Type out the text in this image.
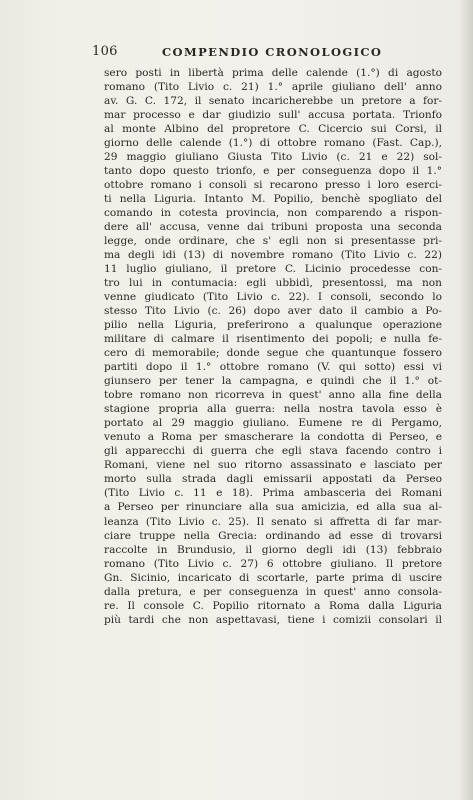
106	COMPENDIO CRONOLOGICO
sero posti in libertà prima delle calende (1.°) di agosto
romano (Tito Livio c. 21) 1.° aprile giuliano dell' anno
av. G. C. 172, il senato incaricherebbe un pretore a for-
mar processo e dar giudizio sull' accusa portata. Trionfo
al monte Albino del propretore C. Cicercio sui Corsi, il
giorno delle calende (1.°) di ottobre romano (Fast. Cap.),
29 maggio giuliano Giusta Tito Livio (c. 21 e 22) sol-
tanto dopo questo trionfo, e per conseguenza dopo il 1.°
ottobre romano i consoli si recarono presso i loro eserci-
ti nella Liguria. Intanto M. Popilio, benchè spogliato del
comando in cotesta provincia, non comparendo a rispon-
dere all' accusa, venne dai tribuni proposta una seconda
legge, onde ordinare, che s' egli non si presentasse pri-
ma degli idi (13) di novembre romano (Tito Livio c. 22)
11 luglio giuliano, il pretore C. Licinio procedesse con-
tro lui in contumacia: egli ubbidì, presentossi, ma non
venne giudicato (Tito Livio c. 22). I consoli, secondo lo
stesso Tito Livio (c. 26) dopo aver dato il cambio a Po-
pilio nella Liguria, preferirono a qualunque operazione
militare di calmare il risentimento dei popoli; e nulla fe-
cero di memorabile; donde segue che quantunque fossero
partiti dopo il 1.° ottobre romano (V. qui sotto) essi vi
giunsero per tener la campagna, e quindi che il 1.° ot-
tobre romano non ricorreva in quest' anno alla fine della
stagione propria alla guerra: nella nostra tavola esso è
portato al 29 maggio giuliano. Eumene re di Pergamo,
venuto a Roma per smascherare la condotta di Perseo, e
gli apparecchi di guerra che egli stava facendo contro i
Romani, viene nel suo ritorno assassinato e lasciato per
morto sulla strada dagli emissarii appostati da Perseo
(Tito Livio c. 11 e 18). Prima ambasceria dei Romani
a Perseo per rinunciare alla sua amicizia, ed alla sua al-
leanza (Tito Livio c. 25). Il senato si affretta di far mar-
ciare truppe nella Grecia: ordinando ad esse di trovarsi
raccolte in Brundusio, il giorno degli idi (13) febbraio
romano (Tito Livio c. 27) 6 ottobre giuliano. Il pretore
Gn. Sicinio, incaricato di scortarle, parte prima di uscire
dalla pretura, e per conseguenza in quest' anno consola-
re. Il console C. Popilio ritornato a Roma dalla Liguria
più tardi che non aspettavasi, tiene i comizii consolari il
